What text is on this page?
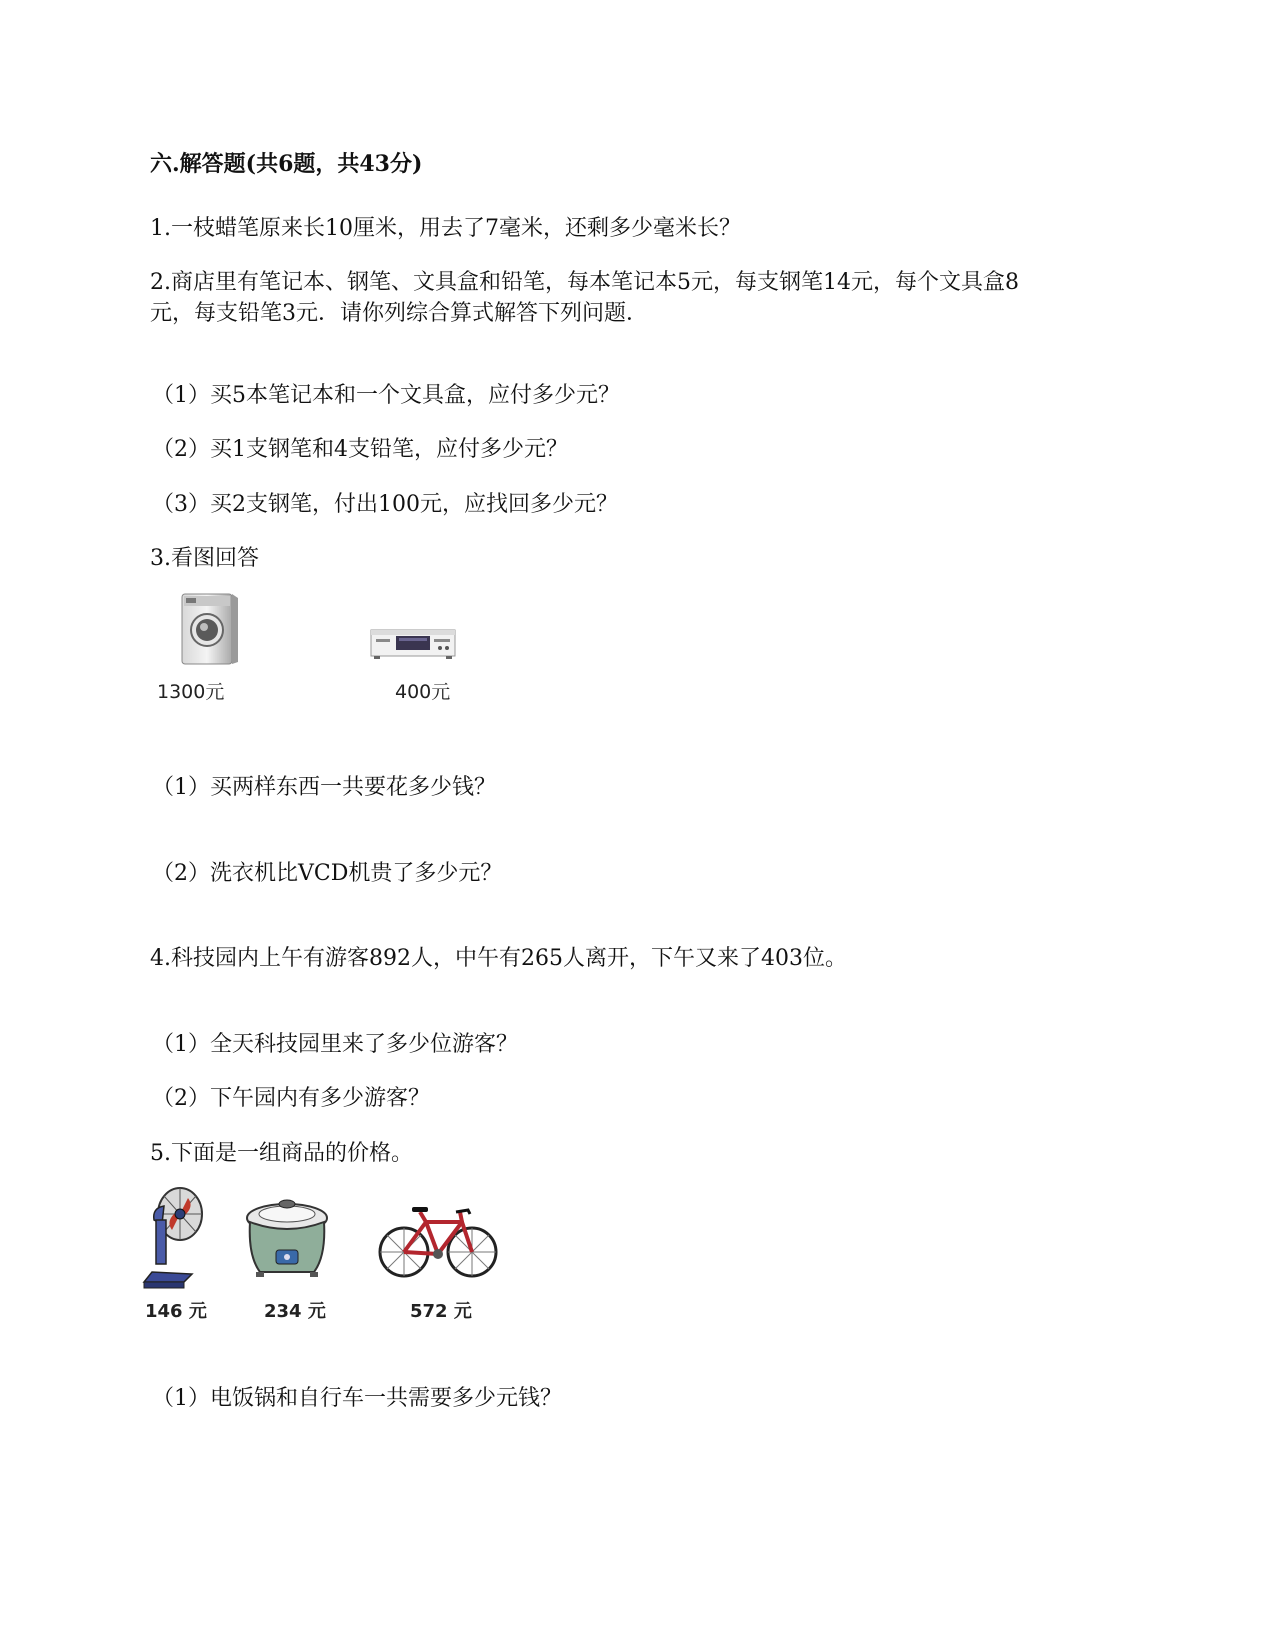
六.解答题(共6题，共43分)
1.一枝蜡笔原来长10厘米，用去了7毫米，还剩多少毫米长？
2.商店里有笔记本、钢笔、文具盒和铅笔，每本笔记本5元，每支钢笔14元，每个文具盒8
元，每支铅笔3元．请你列综合算式解答下列问题．
（1）买5本笔记本和一个文具盒，应付多少元？
（2）买1支钢笔和4支铅笔，应付多少元？
（3）买2支钢笔，付出100元，应找回多少元？
3.看图回答
1300元	400元
（1）买两样东西一共要花多少钱？
（2）洗衣机比VCD机贵了多少元？
4.科技园内上午有游客892人，中午有265人离开，下午又来了403位。
（1）全天科技园里来了多少位游客？
（2）下午园内有多少游客？
5.下面是一组商品的价格。
146 元	234 元	572 元
（1）电饭锅和自行车一共需要多少元钱？
